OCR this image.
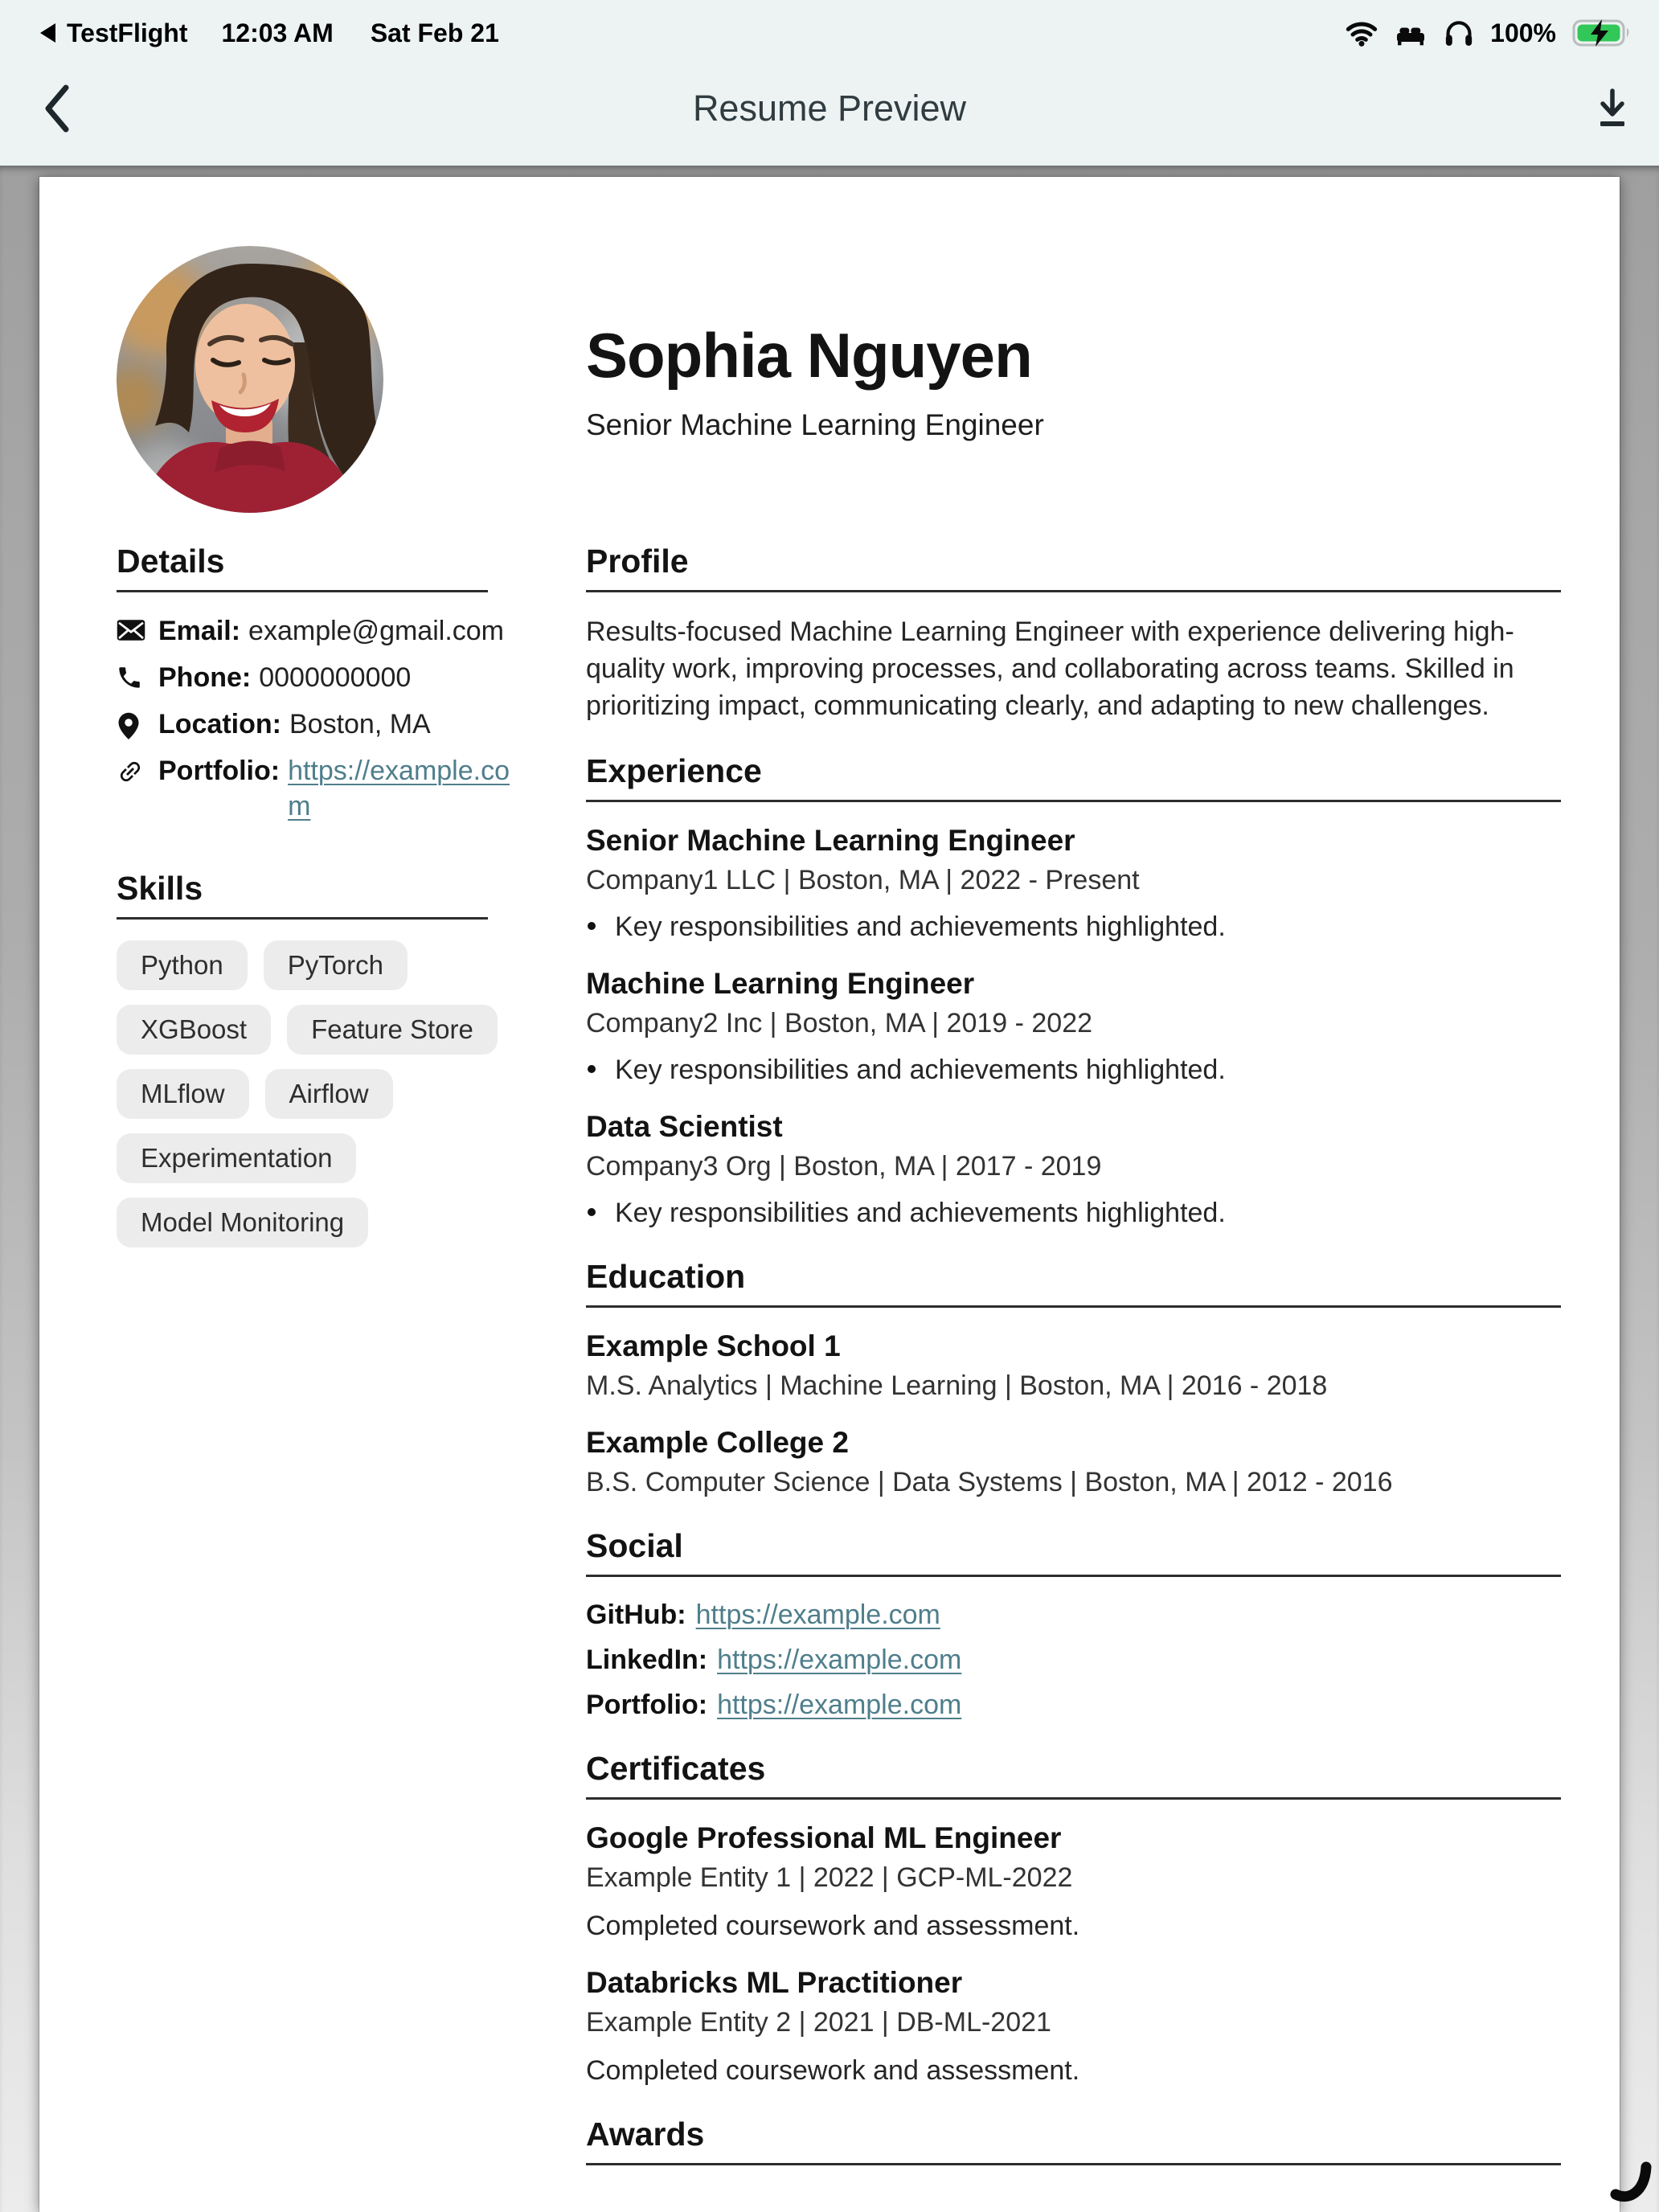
TestFlight 12:03 AM Sat Feb 21	100%
Resume Preview
Sophia Nguyen
Senior Machine Learning Engineer
Details
Email: example@gmail.com
Phone: 0000000000
Location: Boston, MA
Portfolio: https://example.com
Skills
Python	PyTorch
XGBoost	Feature Store
MLflow	Airflow
Experimentation
Model Monitoring
Profile

Results-focused Machine Learning Engineer with experience delivering high-quality work, improving processes, and collaborating across teams. Skilled in prioritizing impact, communicating clearly, and adapting to new challenges.

Experience
Senior Machine Learning Engineer
Company1 LLC | Boston, MA | 2022 - Present
Key responsibilities and achievements highlighted.
Machine Learning Engineer
Company2 Inc | Boston, MA | 2019 - 2022
Key responsibilities and achievements highlighted.
Data Scientist
Company3 Org | Boston, MA | 2017 - 2019
Key responsibilities and achievements highlighted.
Education
Example School 1
M.S. Analytics | Machine Learning | Boston, MA | 2016 - 2018
Example College 2
B.S. Computer Science | Data Systems | Boston, MA | 2012 - 2016
Social
GitHub: https://example.com
LinkedIn: https://example.com
Portfolio: https://example.com
Certificates
Google Professional ML Engineer
Example Entity 1 | 2022 | GCP-ML-2022
Completed coursework and assessment.
Databricks ML Practitioner
Example Entity 2 | 2021 | DB-ML-2021
Completed coursework and assessment.
Awards
